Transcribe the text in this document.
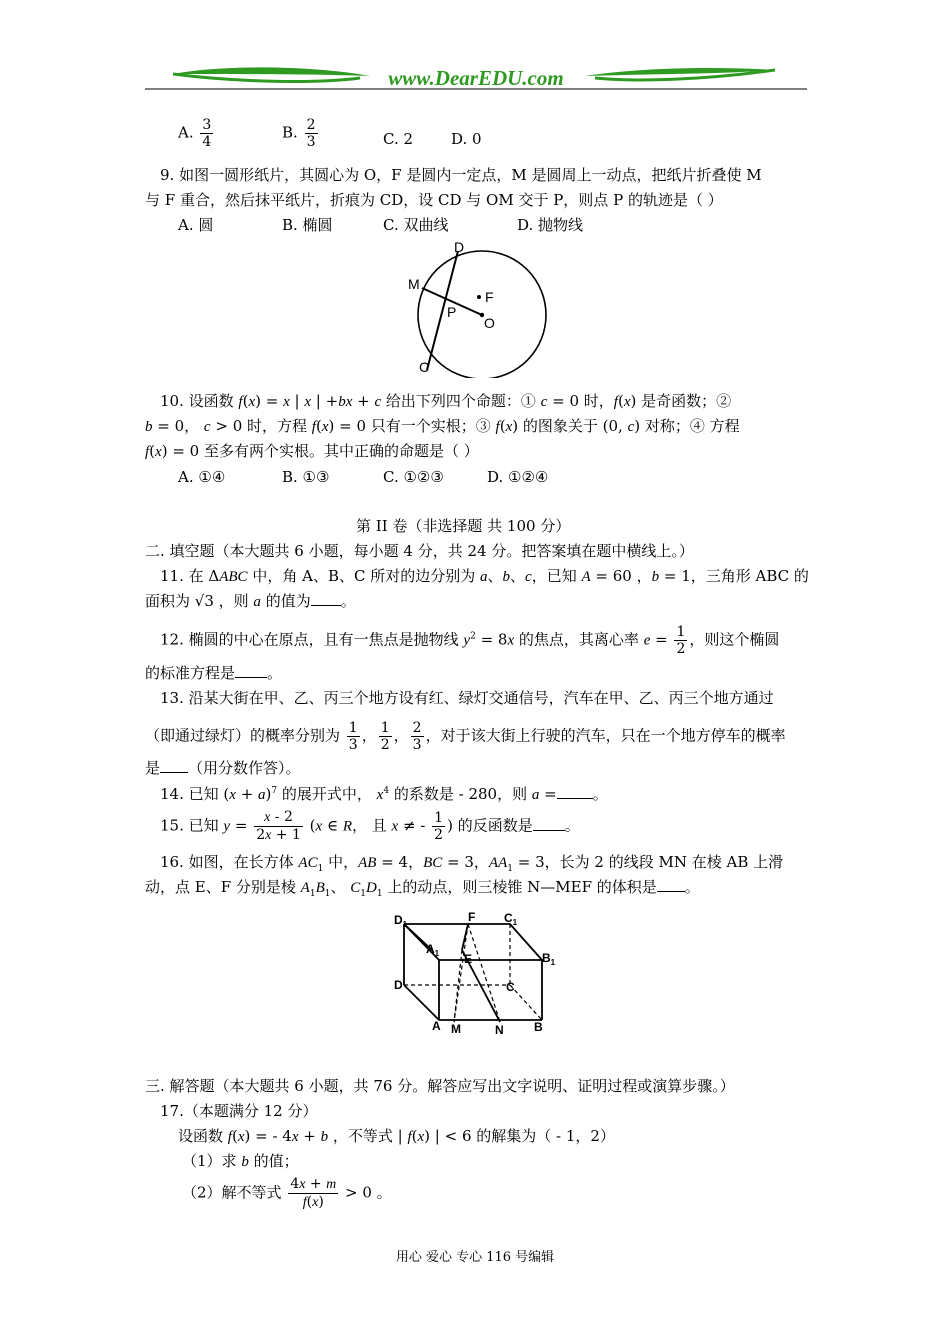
www.DearEDU.com
A. $\frac{3}{4}$	B. $\frac{2}{3}$	C. 2	D. 0
9. 如图一圆形纸片，其圆心为 O，F 是圆内一定点，M 是圆周上一动点，把纸片折叠使 M
与 F 重合，然后抹平纸片，折痕为 CD，设 CD 与 OM 交于 P，则点 P 的轨迹是（ ）
A. 圆	B. 椭圆	C. 双曲线	D. 抛物线
D
M
F
P
O
C
10. 设函数 f(x) = x | x | +bx + c 给出下列四个命题：① c = 0 时，f(x) 是奇函数；②
b = 0， c > 0 时，方程 f(x) = 0 只有一个实根；③ f(x) 的图象关于 (0, c) 对称；④ 方程
f(x) = 0 至多有两个实根。其中正确的命题是（ ）
A. ①④	B. ①③	C. ①②③	D. ①②④
第 II 卷（非选择题 共 100 分）
二. 填空题（本大题共 6 小题，每小题 4 分，共 24 分。把答案填在题中横线上。）
11. 在 ΔABC 中，角 A、B、C 所对的边分别为 a、b、c，已知 A = 60 ，b = 1，三角形 ABC 的
面积为 √3 ，则 a 的值为 。
12. 椭圆的中心在原点，且有一焦点是抛物线 $y^2 = 8x$ 的焦点，其离心率 $e = \frac{1}{2}$ ，则这个椭圆
的标准方程是 。
13. 沿某大街在甲、乙、丙三个地方设有红、绿灯交通信号，汽车在甲、乙、丙三个地方通过
（即通过绿灯）的概率分别为 $\frac{1}{3}$ ， $\frac{1}{2}$ ， $\frac{2}{3}$ ，对于该大街上行驶的汽车，只在一个地方停车的概率
是 （用分数作答）。
14. 已知 $(x + a)^7$ 的展开式中， $x^4$ 的系数是 - 280，则 a = 。
15. 已知 $y = \frac{x - 2}{2x + 1} (x$ ∈ R， 且 x ≠ - $\frac{1}{2}$ ) 的反函数是 。
16. 如图，在长方体 $AC_1$ 中，AB = 4，BC = 3，$AA_1 = 3$，长为 2 的线段 MN 在棱 AB 上滑
动，点 E、F 分别是棱 $A_1B_1$、 $C_1D_1$ 上的动点，则三棱锥 N—MEF 的体积是 。
$D_1$
F $C_1$
$A_1$ E	$B_1$
D	C
A M	N	B
三. 解答题（本大题共 6 小题，共 76 分。解答应写出文字说明、证明过程或演算步骤。）
17.（本题满分 12 分）
设函数 f(x) = - 4x + b ，不等式 | f(x) | < 6 的解集为（ - 1，2）
（1）求 b 的值；
（2）解不等式 $\frac{4x + m}{f(x)} > 0$ 。
用心 爱心 专心 116 号编辑
